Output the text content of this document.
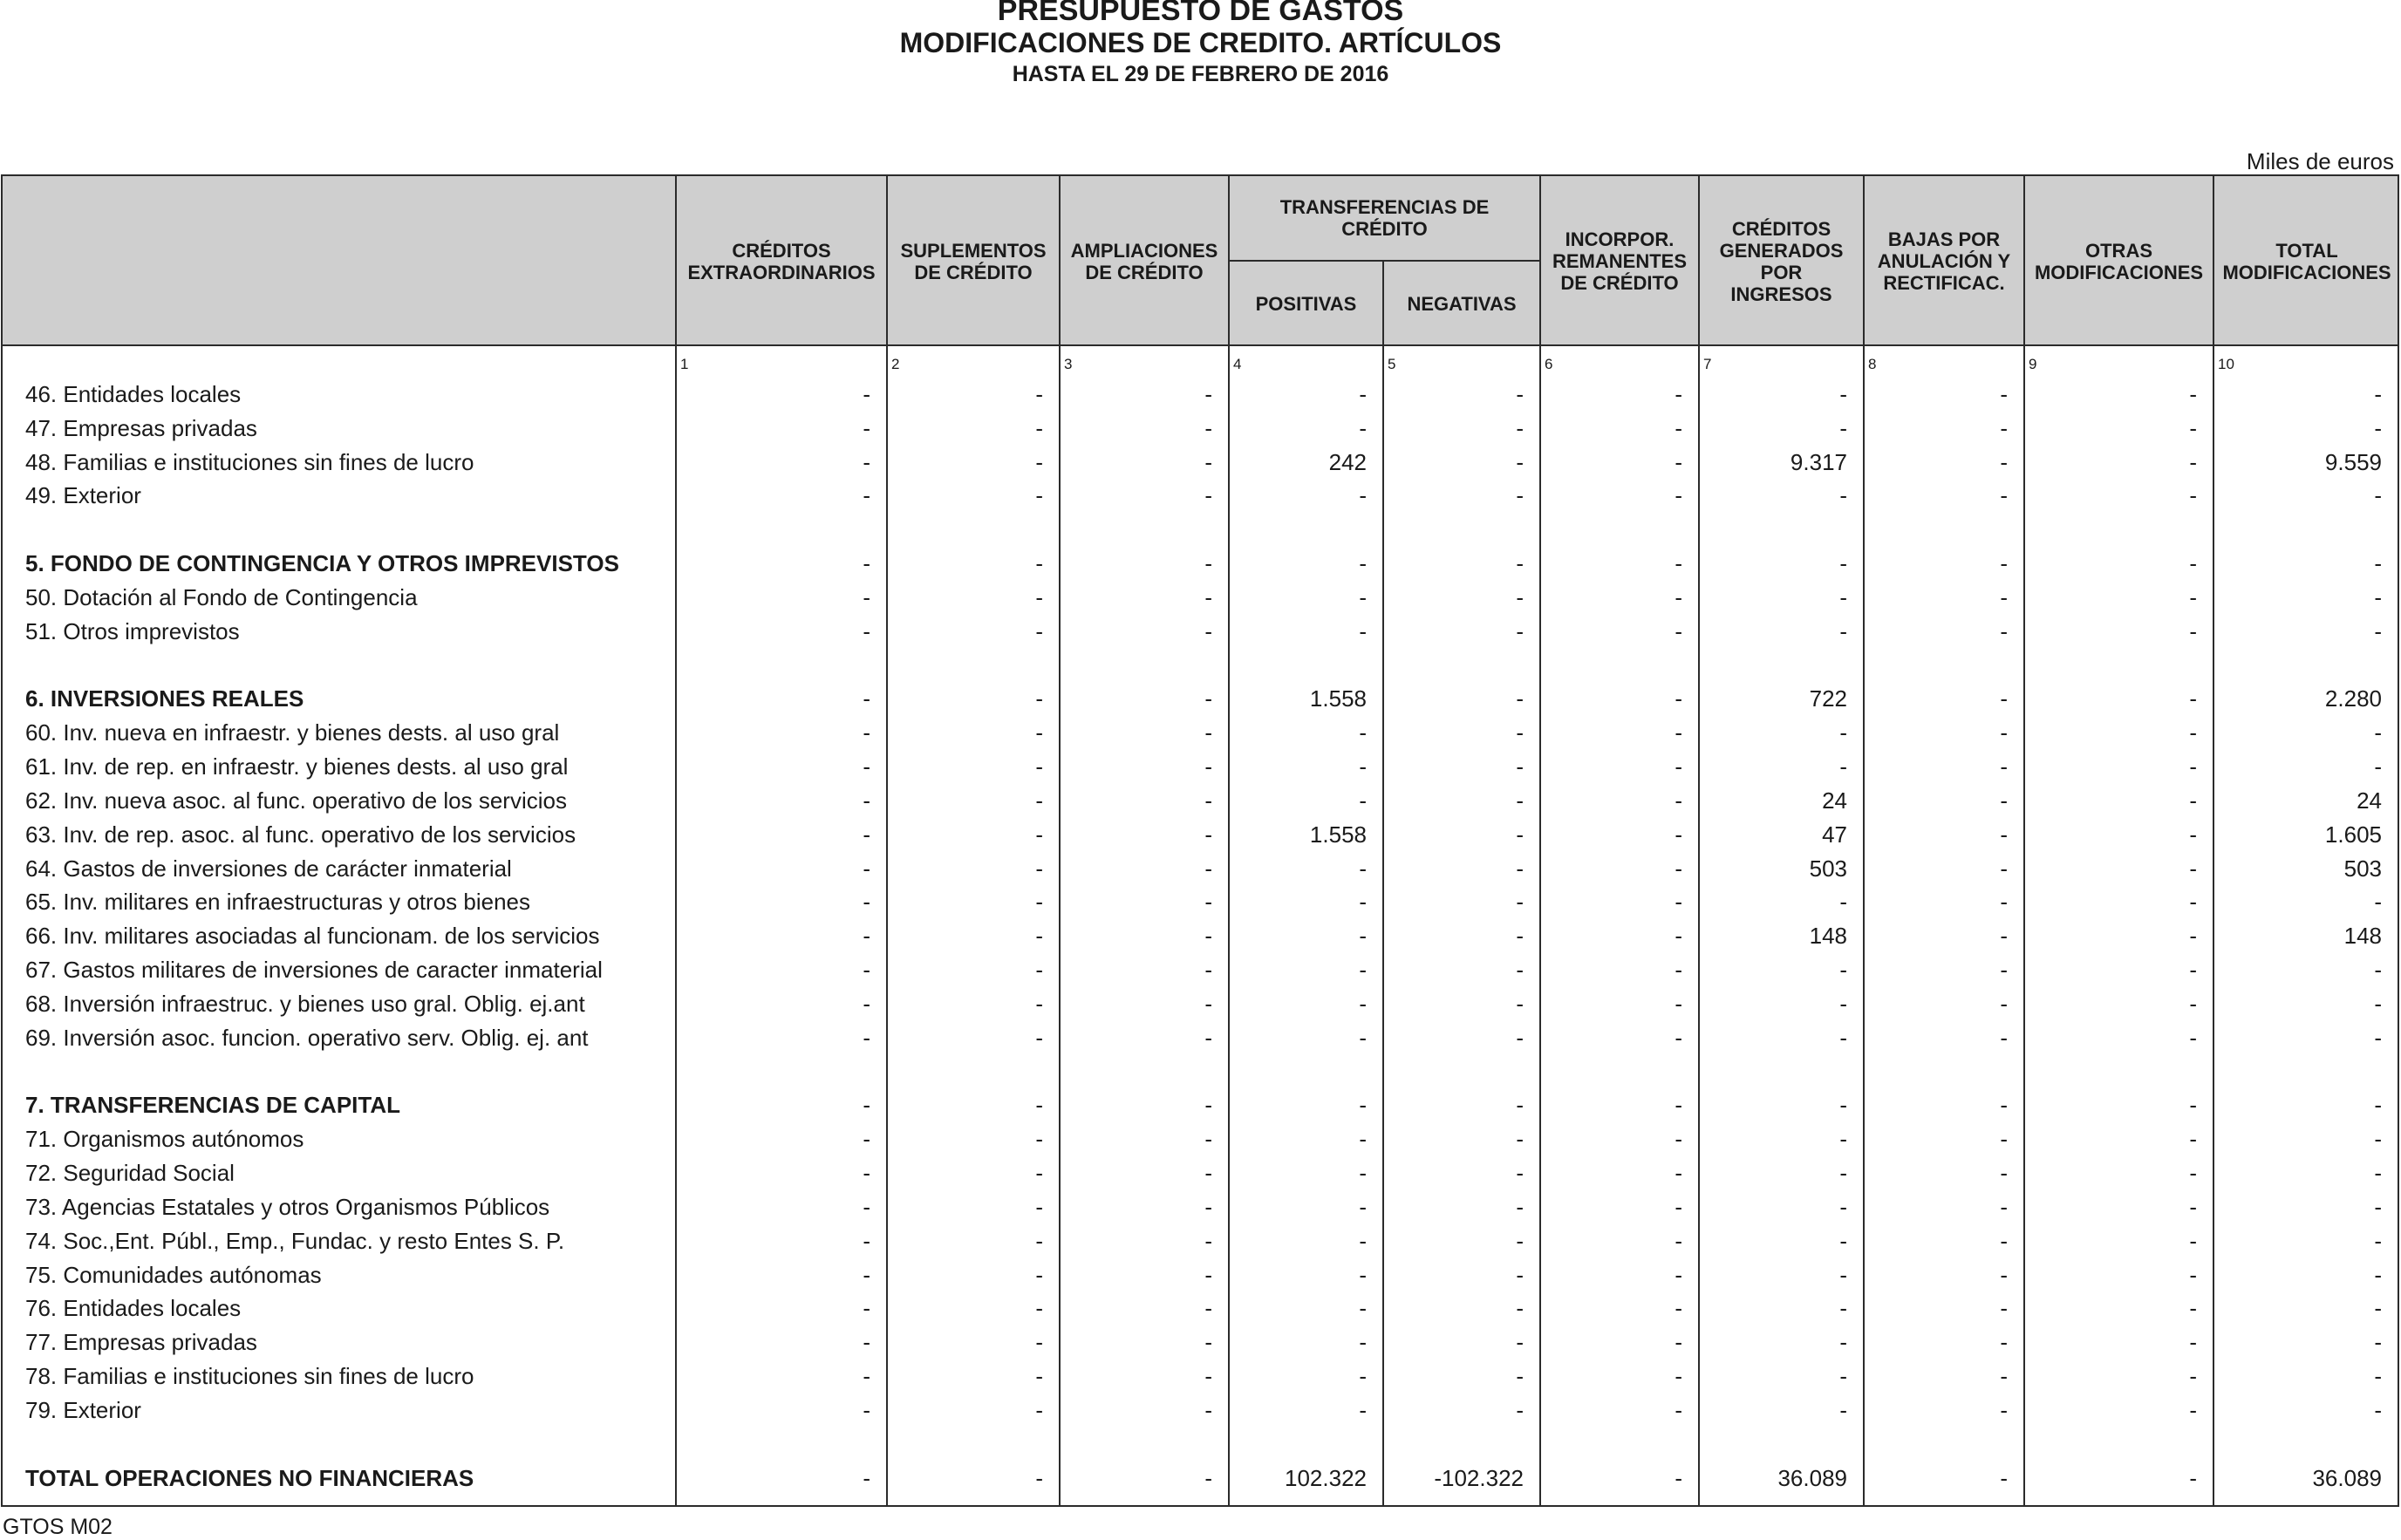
PRESUPUESTO DE GASTOS
MODIFICACIONES DE CREDITO. ARTÍCULOS
HASTA EL 29 DE FEBRERO DE 2016
Miles de euros
CRÉDITOS
EXTRAORDINARIOS
SUPLEMENTOS
DE CRÉDITO
AMPLIACIONES
DE CRÉDITO
TRANSFERENCIAS DE
CRÉDITO
POSITIVAS	NEGATIVAS
INCORPOR.
REMANENTES
DE CRÉDITO
CRÉDITOS
GENERADOS
POR
INGRESOS
BAJAS POR
ANULACIÓN Y
RECTIFICAC.
OTRAS
MODIFICACIONES
TOTAL
MODIFICACIONES
1	2	3	4	5	6	7	8	9	10
46. Entidades locales	-	-	-	-	-	-	-	-	-	-
47. Empresas privadas	-	-	-	-	-	-	-	-	-	-
48. Familias e instituciones sin fines de lucro	-	-	-	242	-	-	9.317	-	-	9.559
49. Exterior	-	-	-	-	-	-	-	-	-	-
5. FONDO DE CONTINGENCIA Y OTROS IMPREVISTOS	-	-	-	-	-	-	-	-	-	-
50. Dotación al Fondo de Contingencia	-	-	-	-	-	-	-	-	-	-
51. Otros imprevistos	-	-	-	-	-	-	-	-	-	-
6. INVERSIONES REALES	-	-	-	1.558	-	-	722	-	-	2.280
60. Inv. nueva en infraestr. y bienes dests. al uso gral	-	-	-	-	-	-	-	-	-	-
61. Inv. de rep. en infraestr. y bienes dests. al uso gral	-	-	-	-	-	-	-	-	-	-
62. Inv. nueva asoc. al func. operativo de los servicios	-	-	-	-	-	-	24	-	-	24
63. Inv. de rep. asoc. al func. operativo de los servicios	-	-	-	1.558	-	-	47	-	-	1.605
64. Gastos de inversiones de carácter inmaterial	-	-	-	-	-	-	503	-	-	503
65. Inv. militares en infraestructuras y otros bienes	-	-	-	-	-	-	-	-	-	-
66. Inv. militares asociadas al funcionam. de los servicios	-	-	-	-	-	-	148	-	-	148
67. Gastos militares de inversiones de caracter inmaterial	-	-	-	-	-	-	-	-	-	-
68. Inversión infraestruc. y bienes uso gral. Oblig. ej.ant	-	-	-	-	-	-	-	-	-	-
69. Inversión asoc. funcion. operativo serv. Oblig. ej. ant	-	-	-	-	-	-	-	-	-	-
7. TRANSFERENCIAS DE CAPITAL	-	-	-	-	-	-	-	-	-	-
71. Organismos autónomos	-	-	-	-	-	-	-	-	-	-
72. Seguridad Social	-	-	-	-	-	-	-	-	-	-
73. Agencias Estatales y otros Organismos Públicos	-	-	-	-	-	-	-	-	-	-
74. Soc.,Ent. Públ., Emp., Fundac. y resto Entes S. P.	-	-	-	-	-	-	-	-	-	-
75. Comunidades autónomas	-	-	-	-	-	-	-	-	-	-
76. Entidades locales	-	-	-	-	-	-	-	-	-	-
77. Empresas privadas	-	-	-	-	-	-	-	-	-	-
78. Familias e instituciones sin fines de lucro	-	-	-	-	-	-	-	-	-	-
79. Exterior	-	-	-	-	-	-	-	-	-	-
TOTAL OPERACIONES NO FINANCIERAS	-	-	-	102.322	-102.322	-	36.089	-	-	36.089
GTOS M02
